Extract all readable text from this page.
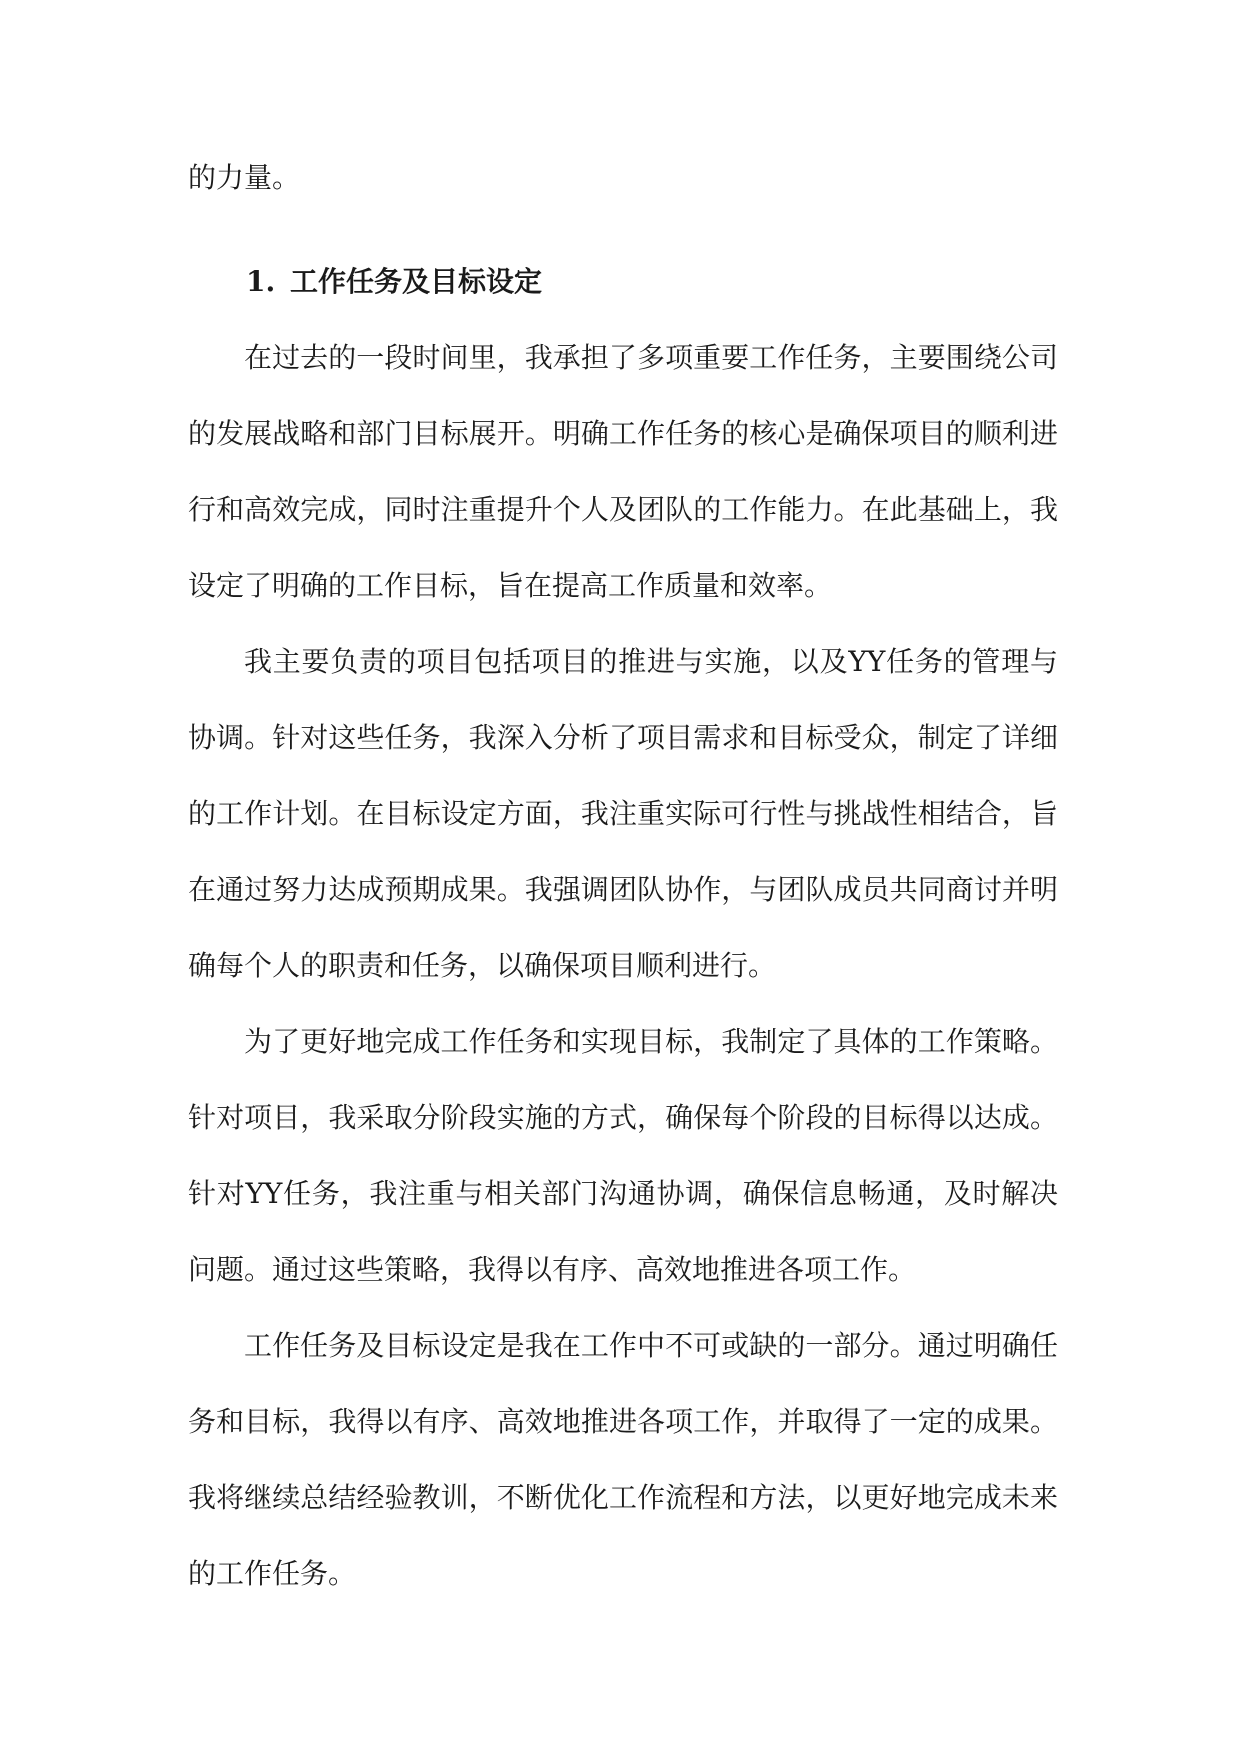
的力量。

1. 工作任务及目标设定

在过去的一段时间里，我承担了多项重要工作任务，主要围绕公司的发展战略和部门目标展开。明确工作任务的核心是确保项目的顺利进行和高效完成，同时注重提升个人及团队的工作能力。在此基础上，我设定了明确的工作目标，旨在提高工作质量和效率。

我主要负责的项目包括项目的推进与实施，以及YY任务的管理与协调。针对这些任务，我深入分析了项目需求和目标受众，制定了详细的工作计划。在目标设定方面，我注重实际可行性与挑战性相结合，旨在通过努力达成预期成果。我强调团队协作，与团队成员共同商讨并明确每个人的职责和任务，以确保项目顺利进行。

为了更好地完成工作任务和实现目标，我制定了具体的工作策略。针对项目，我采取分阶段实施的方式，确保每个阶段的目标得以达成。针对YY任务，我注重与相关部门沟通协调，确保信息畅通，及时解决问题。通过这些策略，我得以有序、高效地推进各项工作。

工作任务及目标设定是我在工作中不可或缺的一部分。通过明确任务和目标，我得以有序、高效地推进各项工作，并取得了一定的成果。我将继续总结经验教训，不断优化工作流程和方法，以更好地完成未来的工作任务。
